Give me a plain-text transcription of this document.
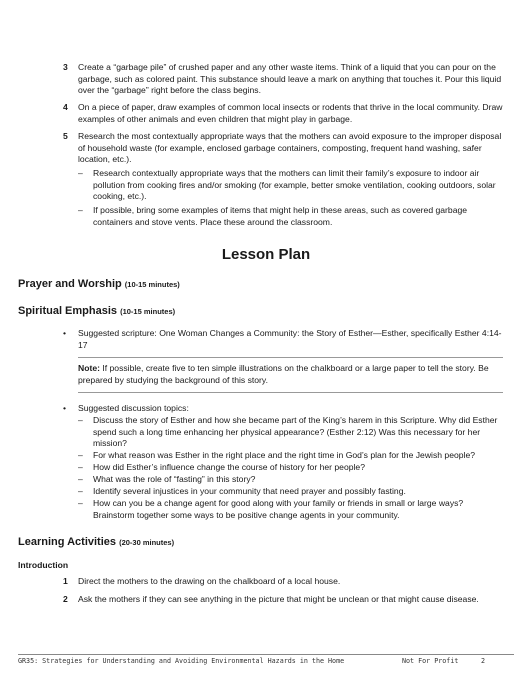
3	Create a “garbage pile” of crushed paper and any other waste items. Think of a liquid that you can pour on the garbage, such as colored paint. This substance should leave a mark on anything that touches it. Pour this liquid over the “garbage” right before the class begins.
4	On a piece of paper, draw examples of common local insects or rodents that thrive in the local community. Draw examples of other animals and even children that might play in garbage.
5	Research the most contextually appropriate ways that the mothers can avoid exposure to the improper disposal of household waste (for example, enclosed garbage containers, composting, frequent hand washing, safer location, etc.).
– Research contextually appropriate ways that the mothers can limit their family’s exposure to indoor air pollution from cooking fires and/or smoking (for example, better smoke ventilation, cooking outdoors, solar cooking, etc.).
– If possible, bring some examples of items that might help in these areas, such as covered garbage containers and stove vents. Place these around the classroom.
Lesson Plan
Prayer and Worship (10-15 minutes)
Spiritual Emphasis (10-15 minutes)
• Suggested scripture: One Woman Changes a Community: the Story of Esther—Esther, specifically Esther 4:14-17
Note: If possible, create five to ten simple illustrations on the chalkboard or a large paper to tell the story. Be prepared by studying the background of this story.
• Suggested discussion topics:
– Discuss the story of Esther and how she became part of the King’s harem in this Scripture. Why did Esther spend such a long time enhancing her physical appearance? (Esther 2:12) Was this necessary for her mission?
– For what reason was Esther in the right place and the right time in God’s plan for the Jewish people?
– How did Esther’s influence change the course of history for her people?
– What was the role of “fasting” in this story?
– Identify several injustices in your community that need prayer and possibly fasting.
– How can you be a change agent for good along with your family or friends in small or large ways? Brainstorm together some ways to be positive change agents in your community.
Learning Activities (20-30 minutes)
Introduction
1	Direct the mothers to the drawing on the chalkboard of a local house.
2	Ask the mothers if they can see anything in the picture that might be unclean or that might cause disease.
GR35: Strategies for Understanding and Avoiding Environmental Hazards in the Home	Not For Profit	2
